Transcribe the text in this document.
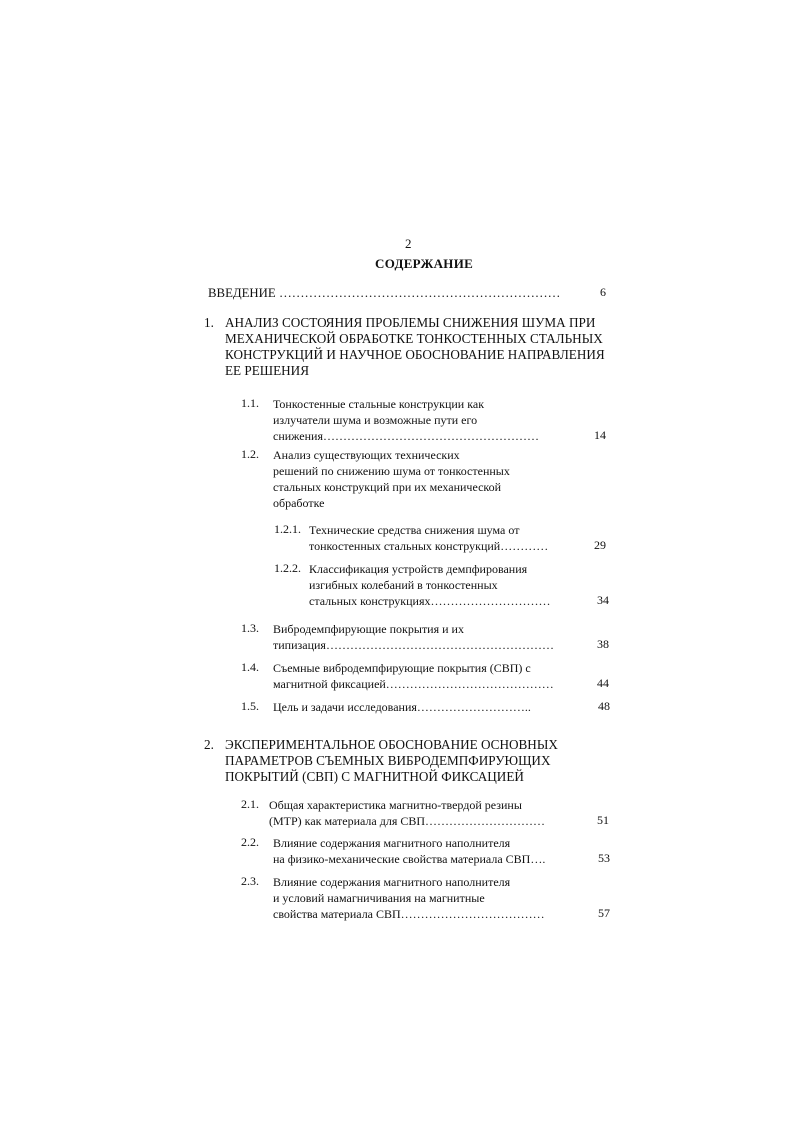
2
СОДЕРЖАНИЕ
ВВЕДЕНИЕ …………………………………………………………	6
1. АНАЛИЗ СОСТОЯНИЯ ПРОБЛЕМЫ СНИЖЕНИЯ ШУМА ПРИ
МЕХАНИЧЕСКОЙ ОБРАБОТКЕ ТОНКОСТЕННЫХ СТАЛЬНЫХ
КОНСТРУКЦИЙ И НАУЧНОЕ ОБОСНОВАНИЕ НАПРАВЛЕНИЯ
ЕЕ РЕШЕНИЯ
1.1. Тонкостенные стальные конструкции как
излучатели шума и возможные пути его
снижения………………………………………………	14
1.2. Анализ существующих технических
решений по снижению шума от тонкостенных
стальных конструкций при их механической
обработке
1.2.1. Технические средства снижения шума от
тонкостенных стальных конструкций…………	29
1.2.2. Классификация устройств демпфирования
изгибных колебаний в тонкостенных
стальных конструкциях…………………………	34
1.3. Вибродемпфирующие покрытия и их
типизация…………………………………………………	38
1.4. Съемные вибродемпфирующие покрытия (СВП) с
магнитной фиксацией……………………………………	44
1.5. Цель и задачи исследования………………………..	48
2. ЭКСПЕРИМЕНТАЛЬНОЕ ОБОСНОВАНИЕ ОСНОВНЫХ
ПАРАМЕТРОВ СЪЕМНЫХ ВИБРОДЕМПФИРУЮЩИХ
ПОКРЫТИЙ (СВП) С МАГНИТНОЙ ФИКСАЦИЕЙ
2.1. Общая характеристика магнитно-твердой резины
(МТР) как материала для СВП…………………………	51
2.2. Влияние содержания магнитного наполнителя
на физико-механические свойства материала СВП….	53
2.3. Влияние содержания магнитного наполнителя
и условий намагничивания на магнитные
свойства материала СВП………………………………	57
